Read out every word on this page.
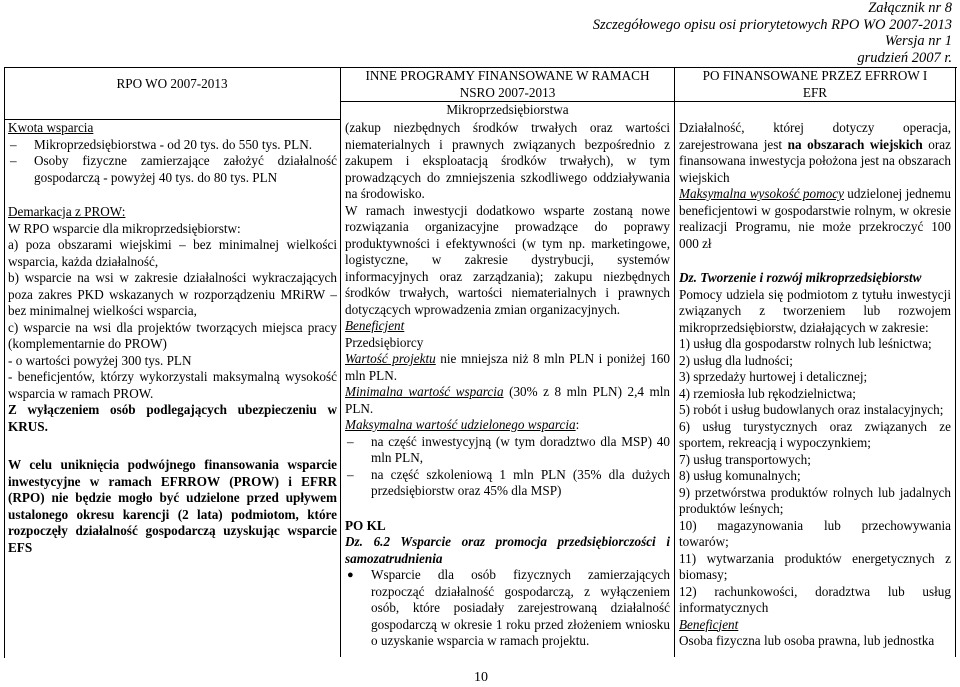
Załącznik nr 8
Szczegółowego opisu osi priorytetowych RPO WO 2007-2013
Wersja nr 1
grudzień 2007 r.
RPO WO 2007-2013
INNE PROGRAMY FINANSOWANE W RAMACH
NSRO 2007-2013
PO FINANSOWANE PRZEZ EFRROW I
EFR
Mikroprzedsiębiorstwa
Kwota wsparcia
– Mikroprzedsiębiorstwa - od 20 tys. do 550 tys. PLN.
– Osoby fizyczne zamierzające założyć działalność gospodarczą - powyżej 40 tys. do 80 tys. PLN
Demarkacja z PROW:
W RPO wsparcie dla mikroprzedsiębiorstw:
a) poza obszarami wiejskimi – bez minimalnej wielkości wsparcia, każda działalność,
b) wsparcie na wsi w zakresie działalności wykraczających poza zakres PKD wskazanych w rozporządzeniu MRiRW – bez minimalnej wielkości wsparcia,
c) wsparcie na wsi dla projektów tworzących miejsca pracy (komplementarnie do PROW)
- o wartości powyżej 300 tys. PLN
- beneficjentów, którzy wykorzystali maksymalną wysokość wsparcia w ramach PROW.
Z wyłączeniem osób podlegających ubezpieczeniu w KRUS.
W celu uniknięcia podwójnego finansowania wsparcie inwestycyjne w ramach EFRROW (PROW) i EFRR (RPO) nie będzie mogło być udzielone przed upływem ustalonego okresu karencji (2 lata) podmiotom, które rozpoczęły działalność gospodarczą uzyskując wsparcie EFS
(zakup niezbędnych środków trwałych oraz wartości niematerialnych i prawnych związanych bezpośrednio z zakupem i eksploatacją środków trwałych), w tym prowadzących do zmniejszenia szkodliwego oddziaływania na środowisko.
W ramach inwestycji dodatkowo wsparte zostaną nowe rozwiązania organizacyjne prowadzące do poprawy produktywności i efektywności (w tym np. marketingowe, logistyczne, w zakresie dystrybucji, systemów informacyjnych oraz zarządzania); zakupu niezbędnych środków trwałych, wartości niematerialnych i prawnych dotyczących wprowadzenia zmian organizacyjnych.
Beneficjent
Przedsiębiorcy
Wartość projektu nie mniejsza niż 8 mln PLN i poniżej 160 mln PLN.
Minimalna wartość wsparcia (30% z 8 mln PLN) 2,4 mln PLN.
Maksymalna wartość udzielonego wsparcia:
– na część inwestycyjną (w tym doradztwo dla MSP) 40 mln PLN,
– na część szkoleniową 1 mln PLN (35% dla dużych przedsiębiorstw oraz 45% dla MSP)
PO KL
Dz. 6.2 Wsparcie oraz promocja przedsiębiorczości i samozatrudnienia
● Wsparcie dla osób fizycznych zamierzających rozpocząć działalność gospodarczą, z wyłączeniem osób, które posiadały zarejestrowaną działalność gospodarczą w okresie 1 roku przed złożeniem wniosku o uzyskanie wsparcia w ramach projektu.
Działalność, której dotyczy operacja, zarejestrowana jest na obszarach wiejskich oraz finansowana inwestycja położona jest na obszarach wiejskich
Maksymalna wysokość pomocy udzielonej jednemu beneficjentowi w gospodarstwie rolnym, w okresie realizacji Programu, nie może przekroczyć 100 000 zł
Dz. Tworzenie i rozwój mikroprzedsiębiorstw
Pomocy udziela się podmiotom z tytułu inwestycji związanych z tworzeniem lub rozwojem mikroprzedsiębiorstw, działających w zakresie:
1) usług dla gospodarstw rolnych lub leśnictwa;
2) usług dla ludności;
3) sprzedaży hurtowej i detalicznej;
4) rzemiosła lub rękodzielnictwa;
5) robót i usług budowlanych oraz instalacyjnych;
6) usług turystycznych oraz związanych ze sportem, rekreacją i wypoczynkiem;
7) usług transportowych;
8) usług komunalnych;
9) przetwórstwa produktów rolnych lub jadalnych produktów leśnych;
10) magazynowania lub przechowywania towarów;
11) wytwarzania produktów energetycznych z biomasy;
12) rachunkowości, doradztwa lub usług informatycznych
Beneficjent
Osoba fizyczna lub osoba prawna, lub jednostka
10
